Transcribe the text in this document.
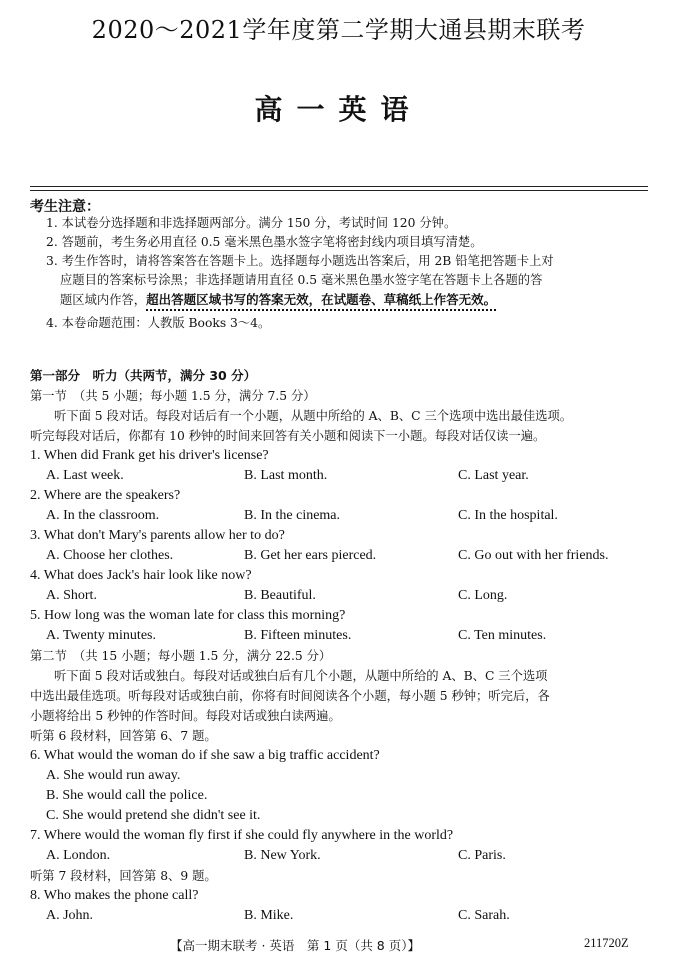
2020～2021学年度第二学期大通县期末联考
高一英语
考生注意：

1. 本试卷分选择题和非选择题两部分。满分 150 分，考试时间 120 分钟。

2. 答题前，考生务必用直径 0.5 毫米黑色墨水签字笔将密封线内项目填写清楚。

3. 考生作答时，请将答案答在答题卡上。选择题每小题选出答案后，用 2B 铅笔把答题卡上对

应题目的答案标号涂黑；非选择题请用直径 0.5 毫米黑色墨水签字笔在答题卡上各题的答

题区域内作答，超出答题区域书写的答案无效，在试题卷、草稿纸上作答无效。

4. 本卷命题范围：人教版 Books 3～4。

第一部分　听力（共两节，满分 30 分）
第一节　（共 5 小题；每小题 1.5 分，满分 7.5 分）
听下面 5 段对话。每段对话后有一个小题，从题中所给的 A、B、C 三个选项中选出最佳选项。
听完每段对话后，你都有 10 秒钟的时间来回答有关小题和阅读下一小题。每段对话仅读一遍。
1. When did Frank get his driver's license?
A. Last week.	B. Last month.	C. Last year.
2. Where are the speakers?
A. In the classroom.	B. In the cinema.	C. In the hospital.
3. What don't Mary's parents allow her to do?
A. Choose her clothes.	B. Get her ears pierced.	C. Go out with her friends.
4. What does Jack's hair look like now?
A. Short.	B. Beautiful.	C. Long.
5. How long was the woman late for class this morning?
A. Twenty minutes.	B. Fifteen minutes.	C. Ten minutes.
第二节　（共 15 小题；每小题 1.5 分，满分 22.5 分）
听下面 5 段对话或独白。每段对话或独白后有几个小题，从题中所给的 A、B、C 三个选项
中选出最佳选项。听每段对话或独白前，你将有时间阅读各个小题，每小题 5 秒钟；听完后，各
小题将给出 5 秒钟的作答时间。每段对话或独白读两遍。
听第 6 段材料，回答第 6、7 题。
6. What would the woman do if she saw a big traffic accident?
A. She would run away.
B. She would call the police.
C. She would pretend she didn't see it.
7. Where would the woman fly first if she could fly anywhere in the world?
A. London.	B. New York.	C. Paris.
听第 7 段材料，回答第 8、9 题。
8. Who makes the phone call?
A. John.	B. Mike.	C. Sarah.
【高一期末联考 · 英语　第 1 页（共 8 页）】	211720Z
